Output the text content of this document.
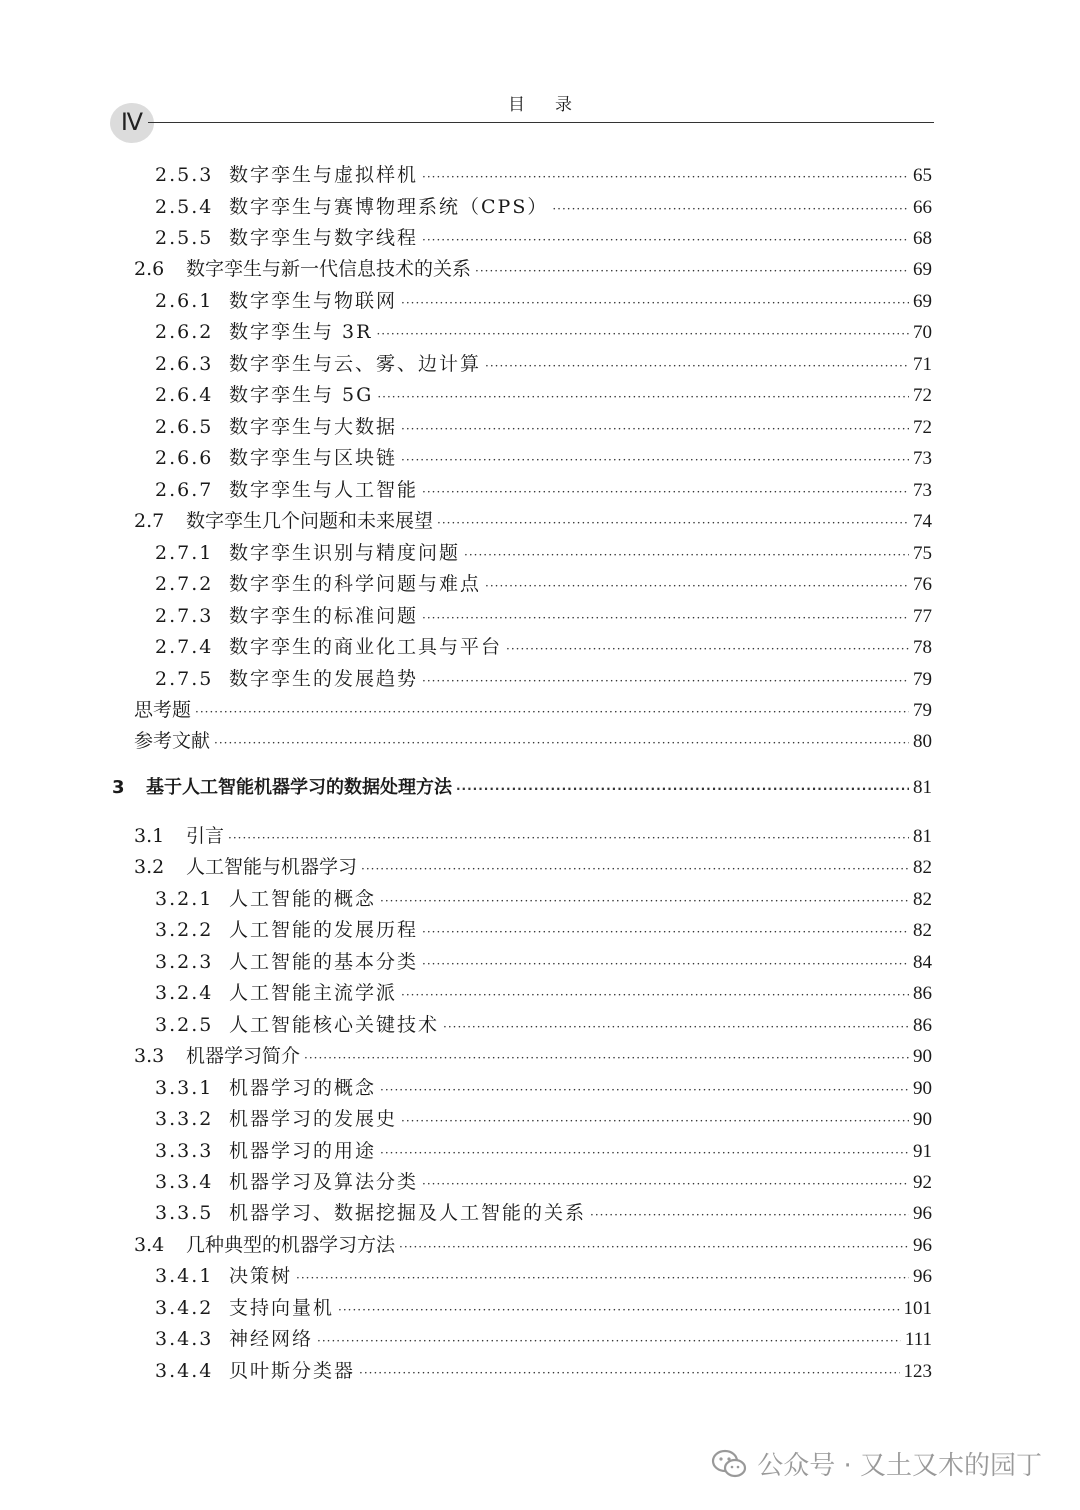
Ⅳ
目录
2.5.3 数字孪生与虚拟样机 ·····	65
2.5.4 数字孪生与赛博物理系统（CPS） ·····	66
2.5.5 数字孪生与数字线程 ·····	68
2.6	数字孪生与新一代信息技术的关系 ·····	69
2.6.1 数字孪生与物联网 ·····	69
2.6.2 数字孪生与 3R ·····	70
2.6.3 数字孪生与云、雾、边计算 ·····	71
2.6.4 数字孪生与 5G ·····	72
2.6.5 数字孪生与大数据 ·····	72
2.6.6 数字孪生与区块链 ·····	73
2.6.7 数字孪生与人工智能 ·····	73
2.7	数字孪生几个问题和未来展望 ·····	74
2.7.1 数字孪生识别与精度问题 ·····	75
2.7.2 数字孪生的科学问题与难点 ·····	76
2.7.3 数字孪生的标准问题 ·····	77
2.7.4 数字孪生的商业化工具与平台 ·····	78
2.7.5 数字孪生的发展趋势 ·····	79
思考题 ·····	79
参考文献 ·····	80
3	基于人工智能机器学习的数据处理方法 ·····	81
3.1	引言 ·····	81
3.2	人工智能与机器学习 ·····	82
3.2.1 人工智能的概念 ·····	82
3.2.2 人工智能的发展历程 ·····	82
3.2.3 人工智能的基本分类 ·····	84
3.2.4 人工智能主流学派 ·····	86
3.2.5 人工智能核心关键技术 ·····	86
3.3	机器学习简介 ·····	90
3.3.1 机器学习的概念 ·····	90
3.3.2 机器学习的发展史 ·····	90
3.3.3 机器学习的用途 ·····	91
3.3.4 机器学习及算法分类 ·····	92
3.3.5 机器学习、数据挖掘及人工智能的关系 ·····	96
3.4	几种典型的机器学习方法 ·····	96
3.4.1 决策树 ·····	96
3.4.2 支持向量机 ·····	101
3.4.3 神经网络 ·····	111
3.4.4 贝叶斯分类器 ·····	123
公众号 · 又土又木的园丁
